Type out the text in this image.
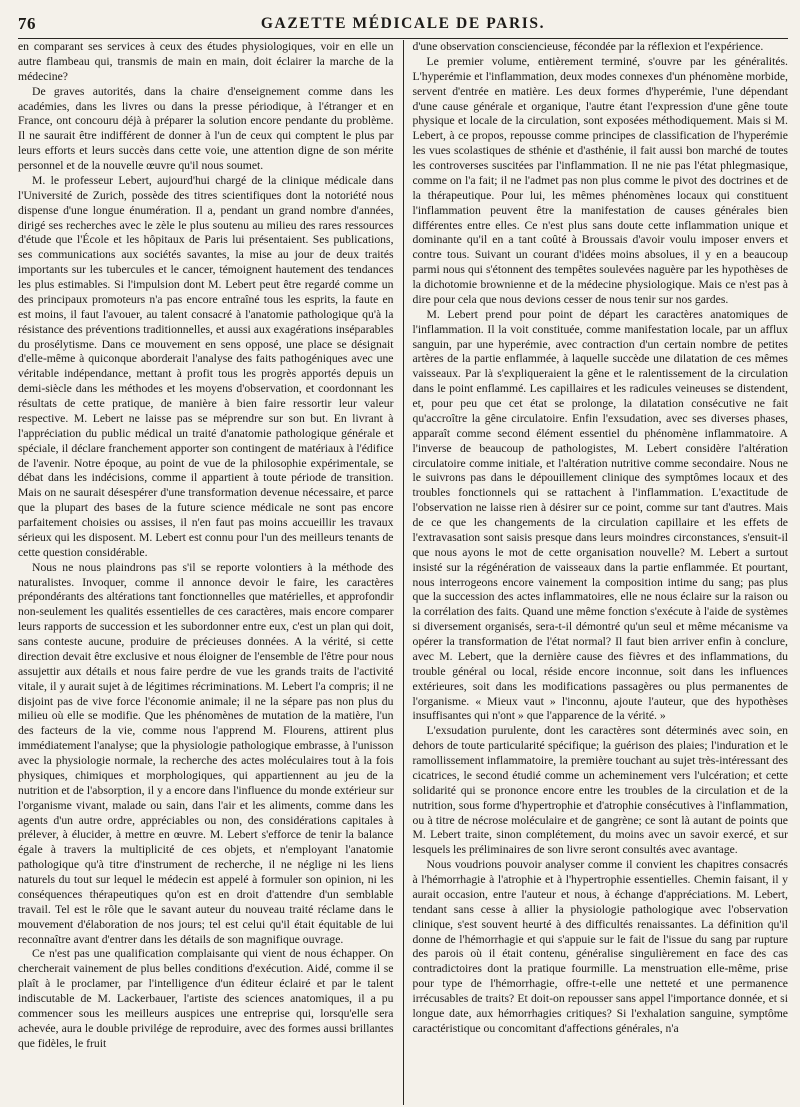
76	GAZETTE MÉDICALE DE PARIS.

en comparant ses services à ceux des études physiologiques, voir en elle un autre flambeau qui, transmis de main en main, doit éclairer la marche de la médecine?

De graves autorités, dans la chaire d'enseignement comme dans les académies, dans les livres ou dans la presse périodique, à l'étranger et en France, ont concouru déjà à préparer la solution encore pendante du problème. Il ne saurait être indifférent de donner à l'un de ceux qui comptent le plus par leurs efforts et leurs succès dans cette voie, une attention digne de son mérite personnel et de la nouvelle œuvre qu'il nous soumet.

M. le professeur Lebert, aujourd'hui chargé de la clinique médicale dans l'Université de Zurich, possède des titres scientifiques dont la notoriété nous dispense d'une longue énumération. Il a, pendant un grand nombre d'années, dirigé ses recherches avec le zèle le plus soutenu au milieu des rares ressources d'étude que l'École et les hôpitaux de Paris lui présentaient. Ses publications, ses communications aux sociétés savantes, la mise au jour de deux traités importants sur les tubercules et le cancer, témoignent hautement des tendances les plus estimables. Si l'impulsion dont M. Lebert peut être regardé comme un des principaux promoteurs n'a pas encore entraîné tous les esprits, la faute en est moins, il faut l'avouer, au talent consacré à l'anatomie pathologique qu'à la résistance des préventions traditionnelles, et aussi aux exagérations inséparables du prosélytisme. Dans ce mouvement en sens opposé, une place se désignait d'elle-même à quiconque aborderait l'analyse des faits pathogéniques avec une véritable indépendance, mettant à profit tous les progrès apportés depuis un demi-siècle dans les méthodes et les moyens d'observation, et coordonnant les résultats de cette pratique, de manière à bien faire ressortir leur valeur respective. M. Lebert ne laisse pas se méprendre sur son but. En livrant à l'appréciation du public médical un traité d'anatomie pathologique générale et spéciale, il déclare franchement apporter son contingent de matériaux à l'édifice de l'avenir. Notre époque, au point de vue de la philosophie expérimentale, se débat dans les indécisions, comme il appartient à toute période de transition. Mais on ne saurait désespérer d'une transformation devenue nécessaire, et parce que la plupart des bases de la future science médicale ne sont pas encore parfaitement choisies ou assises, il n'en faut pas moins accueillir les travaux sérieux qui les disposent. M. Lebert est connu pour l'un des meilleurs tenants de cette question considérable.

Nous ne nous plaindrons pas s'il se reporte volontiers à la méthode des naturalistes. Invoquer, comme il annonce devoir le faire, les caractères prépondérants des altérations tant fonctionnelles que matérielles, et approfondir non-seulement les qualités essentielles de ces caractères, mais encore comparer leurs rapports de succession et les subordonner entre eux, c'est un plan qui doit, sans conteste aucune, produire de précieuses données. A la vérité, si cette direction devait être exclusive et nous éloigner de l'ensemble de l'être pour nous assujettir aux détails et nous faire perdre de vue les grands traits de l'activité vitale, il y aurait sujet à de légitimes récriminations. M. Lebert l'a compris; il ne disjoint pas de vive force l'économie animale; il ne la sépare pas non plus du milieu où elle se modifie. Que les phénomènes de mutation de la matière, l'un des facteurs de la vie, comme nous l'apprend M. Flourens, attirent plus immédiatement l'analyse; que la physiologie pathologique embrasse, à l'unisson avec la physiologie normale, la recherche des actes moléculaires tout à la fois physiques, chimiques et morphologiques, qui appartiennent au jeu de la nutrition et de l'absorption, il y a encore dans l'influence du monde extérieur sur l'organisme vivant, malade ou sain, dans l'air et les aliments, comme dans les agents d'un autre ordre, appréciables ou non, des considérations capitales à prélever, à élucider, à mettre en œuvre. M. Lebert s'efforce de tenir la balance égale à travers la multiplicité de ces objets, et n'employant l'anatomie pathologique qu'à titre d'instrument de recherche, il ne néglige ni les liens naturels du tout sur lequel le médecin est appelé à formuler son opinion, ni les conséquences thérapeutiques qu'on est en droit d'attendre d'un semblable travail. Tel est le rôle que le savant auteur du nouveau traité réclame dans le mouvement d'élaboration de nos jours; tel est celui qu'il était équitable de lui reconnaître avant d'entrer dans les détails de son magnifique ouvrage.

Ce n'est pas une qualification complaisante qui vient de nous échapper. On chercherait vainement de plus belles conditions d'exécution. Aidé, comme il se plaît à le proclamer, par l'intelligence d'un éditeur éclairé et par le talent indiscutable de M. Lackerbauer, l'artiste des sciences anatomiques, il a pu commencer sous les meilleurs auspices une entreprise qui, lorsqu'elle sera achevée, aura le double privilége de reproduire, avec des formes aussi brillantes que fidèles, le fruit

d'une observation consciencieuse, fécondée par la réflexion et l'expérience.

Le premier volume, entièrement terminé, s'ouvre par les généralités. L'hyperémie et l'inflammation, deux modes connexes d'un phénomène morbide, servent d'entrée en matière. Les deux formes d'hyperémie, l'une dépendant d'une cause générale et organique, l'autre étant l'expression d'une gêne toute physique et locale de la circulation, sont exposées méthodiquement. Mais si M. Lebert, à ce propos, repousse comme principes de classification de l'hyperémie les vues scolastiques de sthénie et d'asthénie, il fait aussi bon marché de toutes les controverses suscitées par l'inflammation. Il ne nie pas l'état phlegmasique, comme on l'a fait; il ne l'admet pas non plus comme le pivot des doctrines et de la thérapeutique. Pour lui, les mêmes phénomènes locaux qui constituent l'inflammation peuvent être la manifestation de causes générales bien différentes entre elles. Ce n'est plus sans doute cette inflammation unique et dominante qu'il en a tant coûté à Broussais d'avoir voulu imposer envers et contre tous. Suivant un courant d'idées moins absolues, il y en a beaucoup parmi nous qui s'étonnent des tempêtes soulevées naguère par les hypothèses de la dichotomie brownienne et de la médecine physiologique. Mais ce n'est pas à dire pour cela que nous devions cesser de nous tenir sur nos gardes.

M. Lebert prend pour point de départ les caractères anatomiques de l'inflammation. Il la voit constituée, comme manifestation locale, par un afflux sanguin, par une hyperémie, avec contraction d'un certain nombre de petites artères de la partie enflammée, à laquelle succède une dilatation de ces mêmes vaisseaux. Par là s'expliqueraient la gêne et le ralentissement de la circulation dans le point enflammé. Les capillaires et les radicules veineuses se distendent, et, pour peu que cet état se prolonge, la dilatation consécutive ne fait qu'accroître la gêne circulatoire. Enfin l'exsudation, avec ses diverses phases, apparaît comme second élément essentiel du phénomène inflammatoire. A l'inverse de beaucoup de pathologistes, M. Lebert considère l'altération circulatoire comme initiale, et l'altération nutritive comme secondaire. Nous ne le suivrons pas dans le dépouillement clinique des symptômes locaux et des troubles fonctionnels qui se rattachent à l'inflammation. L'exactitude de l'observation ne laisse rien à désirer sur ce point, comme sur tant d'autres. Mais de ce que les changements de la circulation capillaire et les effets de l'extravasation sont saisis presque dans leurs moindres circonstances, s'ensuit-il que nous ayons le mot de cette organisation nouvelle? M. Lebert a surtout insisté sur la régénération de vaisseaux dans la partie enflammée. Et pourtant, nous interrogeons encore vainement la composition intime du sang; pas plus que la succession des actes inflammatoires, elle ne nous éclaire sur la raison ou la corrélation des faits. Quand une même fonction s'exécute à l'aide de systèmes si diversement organisés, sera-t-il démontré qu'un seul et même mécanisme va opérer la transformation de l'état normal? Il faut bien arriver enfin à conclure, avec M. Lebert, que la dernière cause des fièvres et des inflammations, du trouble général ou local, réside encore inconnue, soit dans les influences extérieures, soit dans les modifications passagères ou plus permanentes de l'organisme. « Mieux vaut » l'inconnu, ajoute l'auteur, que des hypothèses insuffisantes qui n'ont » que l'apparence de la vérité. »

L'exsudation purulente, dont les caractères sont déterminés avec soin, en dehors de toute particularité spécifique; la guérison des plaies; l'induration et le ramollissement inflammatoire, la première touchant au sujet très-intéressant des cicatrices, le second étudié comme un acheminement vers l'ulcération; et cette solidarité qui se prononce encore entre les troubles de la circulation et de la nutrition, sous forme d'hypertrophie et d'atrophie consécutives à l'inflammation, ou à titre de nécrose moléculaire et de gangrène; ce sont là autant de points que M. Lebert traite, sinon complétement, du moins avec un savoir exercé, et sur lesquels les préliminaires de son livre seront consultés avec avantage.

Nous voudrions pouvoir analyser comme il convient les chapitres consacrés à l'hémorrhagie à l'atrophie et à l'hypertrophie essentielles. Chemin faisant, il y aurait occasion, entre l'auteur et nous, à échange d'appréciations. M. Lebert, tendant sans cesse à allier la physiologie pathologique avec l'observation clinique, s'est souvent heurté à des difficultés renaissantes. La définition qu'il donne de l'hémorrhagie et qui s'appuie sur le fait de l'issue du sang par rupture des parois où il était contenu, généralise singulièrement en face des cas contradictoires dont la pratique fourmille. La menstruation elle-même, prise pour type de l'hémorrhagie, offre-t-elle une netteté et une permanence irrécusables de traits? Et doit-on repousser sans appel l'importance donnée, et si longue date, aux hémorrhagies critiques? Si l'exhalation sanguine, symptôme caractéristique ou concomitant d'affections générales, n'a
